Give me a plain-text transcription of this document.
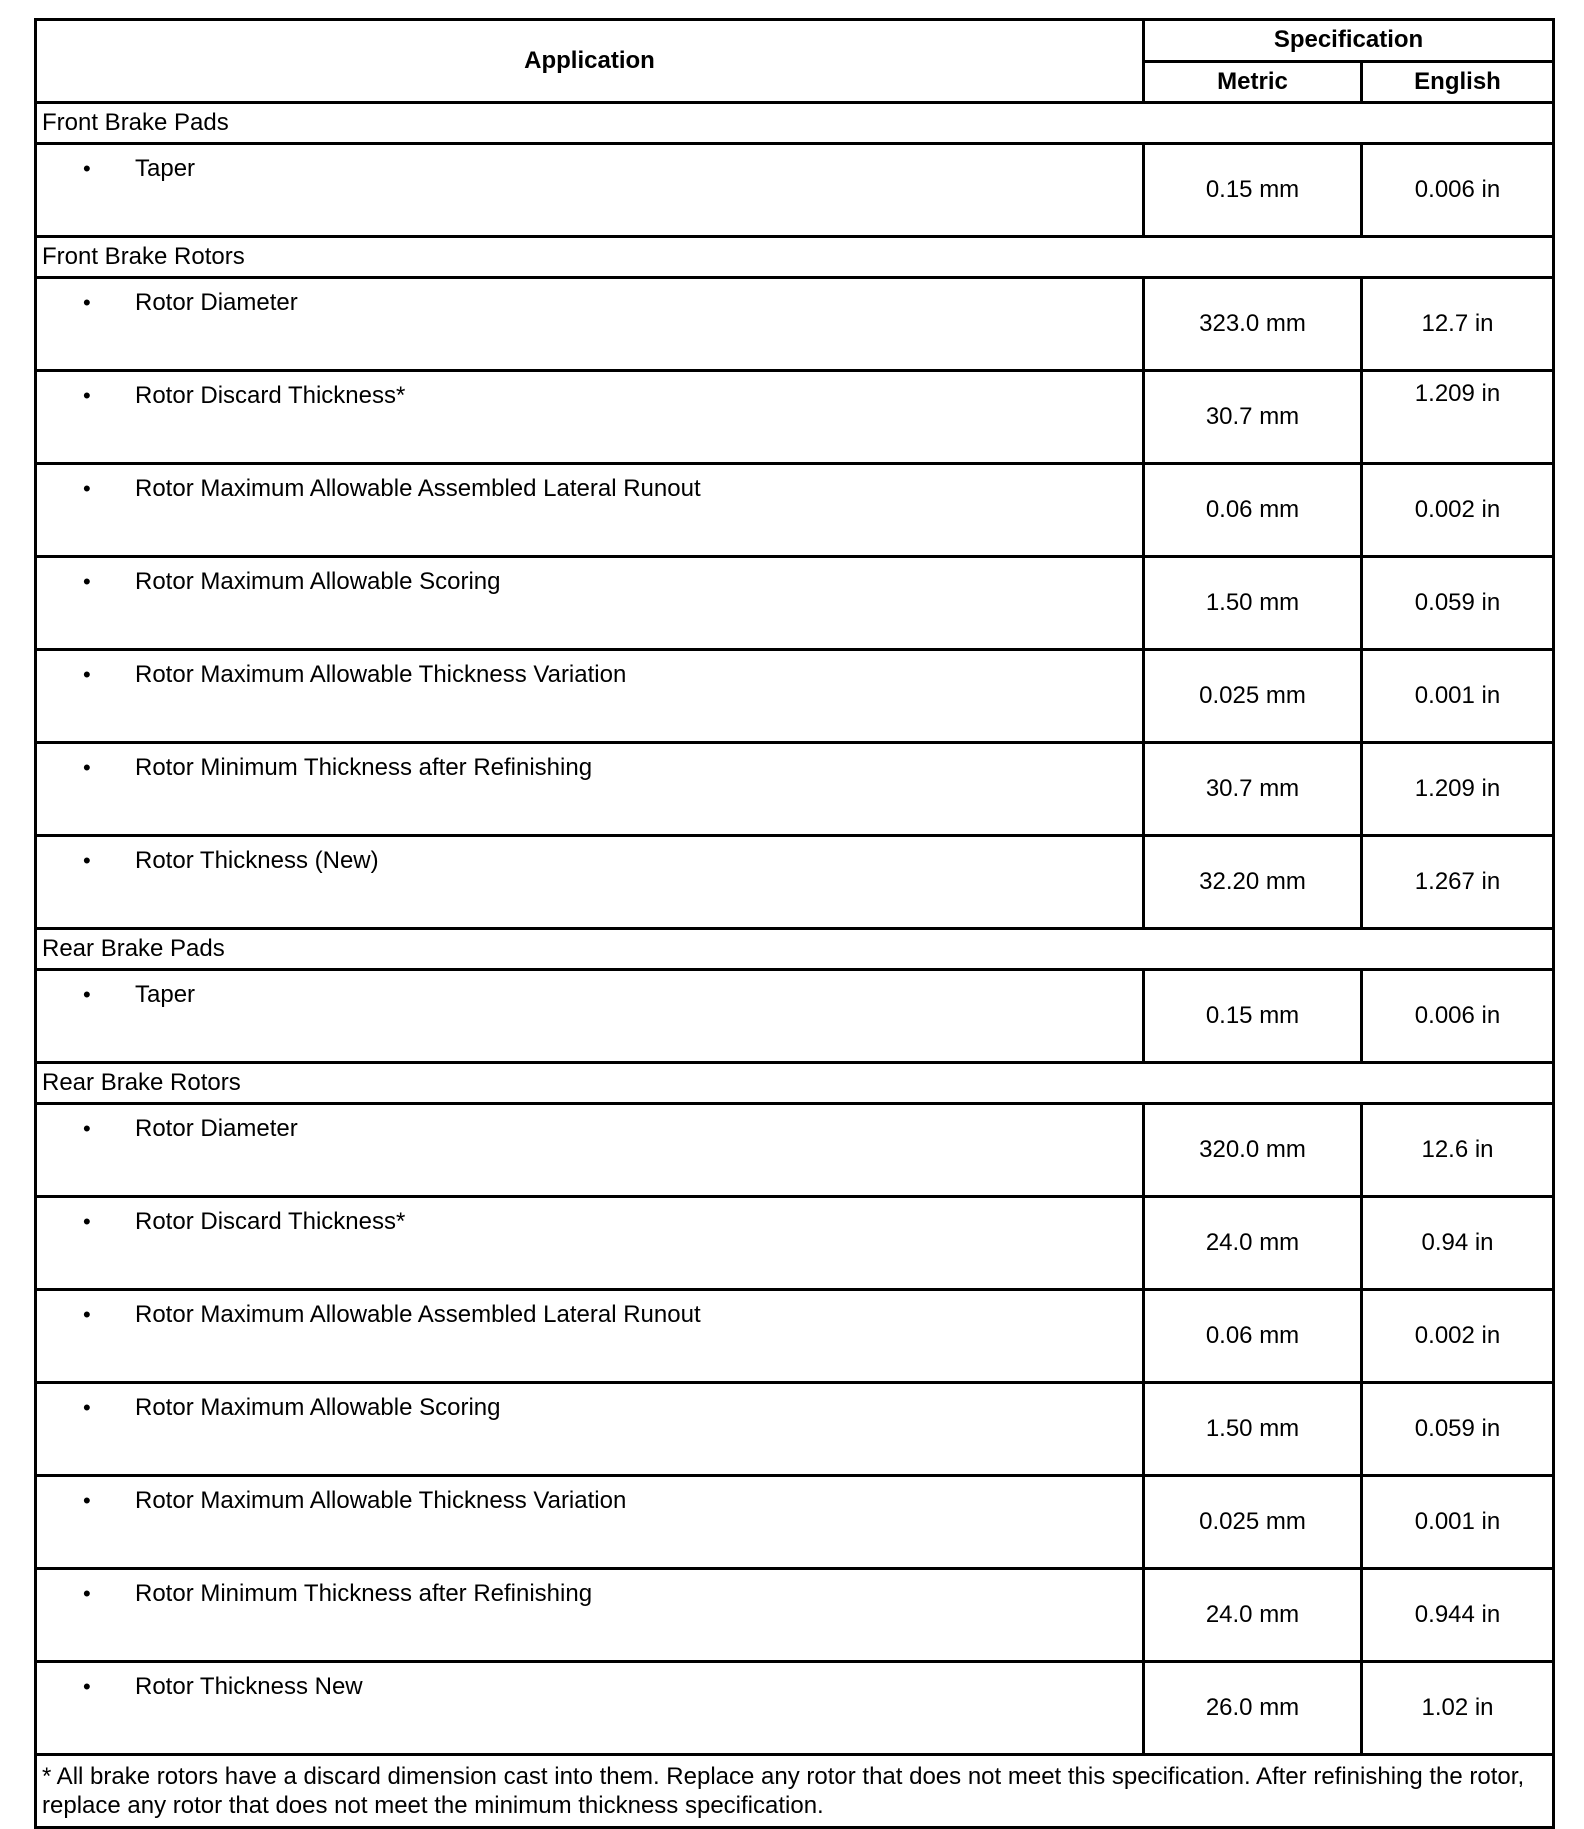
Application	Specification	
	Metric	English
Front Brake Pads		
• Taper	0.15 mm	0.006 in
Front Brake Rotors		
• Rotor Diameter	323.0 mm	12.7 in
• Rotor Discard Thickness*	30.7 mm	1.209 in
• Rotor Maximum Allowable Assembled Lateral Runout	0.06 mm	0.002 in
• Rotor Maximum Allowable Scoring	1.50 mm	0.059 in
• Rotor Maximum Allowable Thickness Variation	0.025 mm	0.001 in
• Rotor Minimum Thickness after Refinishing	30.7 mm	1.209 in
• Rotor Thickness (New)	32.20 mm	1.267 in
Rear Brake Pads		
• Taper	0.15 mm	0.006 in
Rear Brake Rotors		
• Rotor Diameter	320.0 mm	12.6 in
• Rotor Discard Thickness*	24.0 mm	0.94 in
• Rotor Maximum Allowable Assembled Lateral Runout	0.06 mm	0.002 in
• Rotor Maximum Allowable Scoring	1.50 mm	0.059 in
• Rotor Maximum Allowable Thickness Variation	0.025 mm	0.001 in
• Rotor Minimum Thickness after Refinishing	24.0 mm	0.944 in
• Rotor Thickness New	26.0 mm	1.02 in
* All brake rotors have a discard dimension cast into them. Replace any rotor that does not meet this specification. After refinishing the rotor, replace any rotor that does not meet the minimum thickness specification.		
